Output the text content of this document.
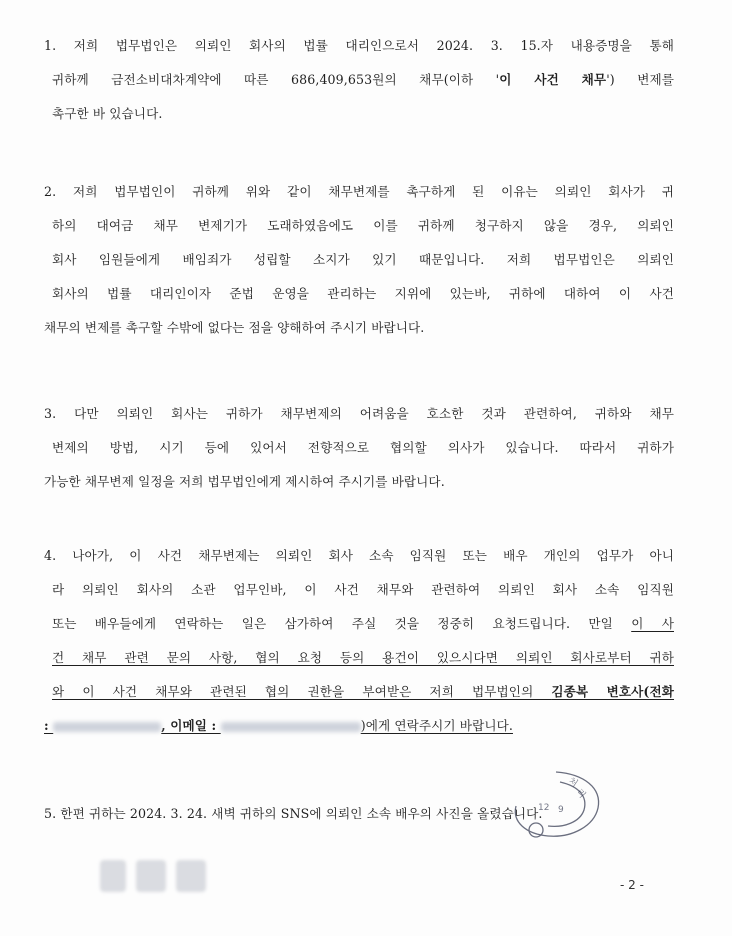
1. 저희 법무법인은 의뢰인 회사의 법률 대리인으로서 2024. 3. 15.자 내용증명을 통해
귀하께 금전소비대차계약에 따른 686,409,653원의 채무(이하 '이 사건 채무') 변제를
촉구한 바 있습니다.
2. 저희 법무법인이 귀하께 위와 같이 채무변제를 촉구하게 된 이유는 의뢰인 회사가 귀
하의 대여금 채무 변제기가 도래하였음에도 이를 귀하께 청구하지 않을 경우, 의뢰인
회사 임원들에게 배임죄가 성립할 소지가 있기 때문입니다. 저희 법무법인은 의뢰인
회사의 법률 대리인이자 준법 운영을 관리하는 지위에 있는바, 귀하에 대하여 이 사건
채무의 변제를 촉구할 수밖에 없다는 점을 양해하여 주시기 바랍니다.
3. 다만 의뢰인 회사는 귀하가 채무변제의 어려움을 호소한 것과 관련하여, 귀하와 채무
변제의 방법, 시기 등에 있어서 전향적으로 협의할 의사가 있습니다. 따라서 귀하가
가능한 채무변제 일정을 저희 법무법인에게 제시하여 주시기를 바랍니다.
4. 나아가, 이 사건 채무변제는 의뢰인 회사 소속 임직원 또는 배우 개인의 업무가 아니
라 의뢰인 회사의 소관 업무인바, 이 사건 채무와 관련하여 의뢰인 회사 소속 임직원
또는 배우들에게 연락하는 일은 삼가하여 주실 것을 정중히 요청드립니다. 만일 이 사
건 채무 관련 문의 사항, 협의 요청 등의 용건이 있으시다면 의뢰인 회사로부터 귀하
와 이 사건 채무와 관련된 협의 권한을 부여받은 저희 법무법인의 김종복 변호사(전화
:	, 이메일 :	)에게 연락주시기 바랍니다.
5. 한편 귀하는 2024. 3. 24. 새벽 귀하의 SNS에 의뢰인 소속 배우의 사진을 올렸습니다.
처
리
12 9
- 2 -
